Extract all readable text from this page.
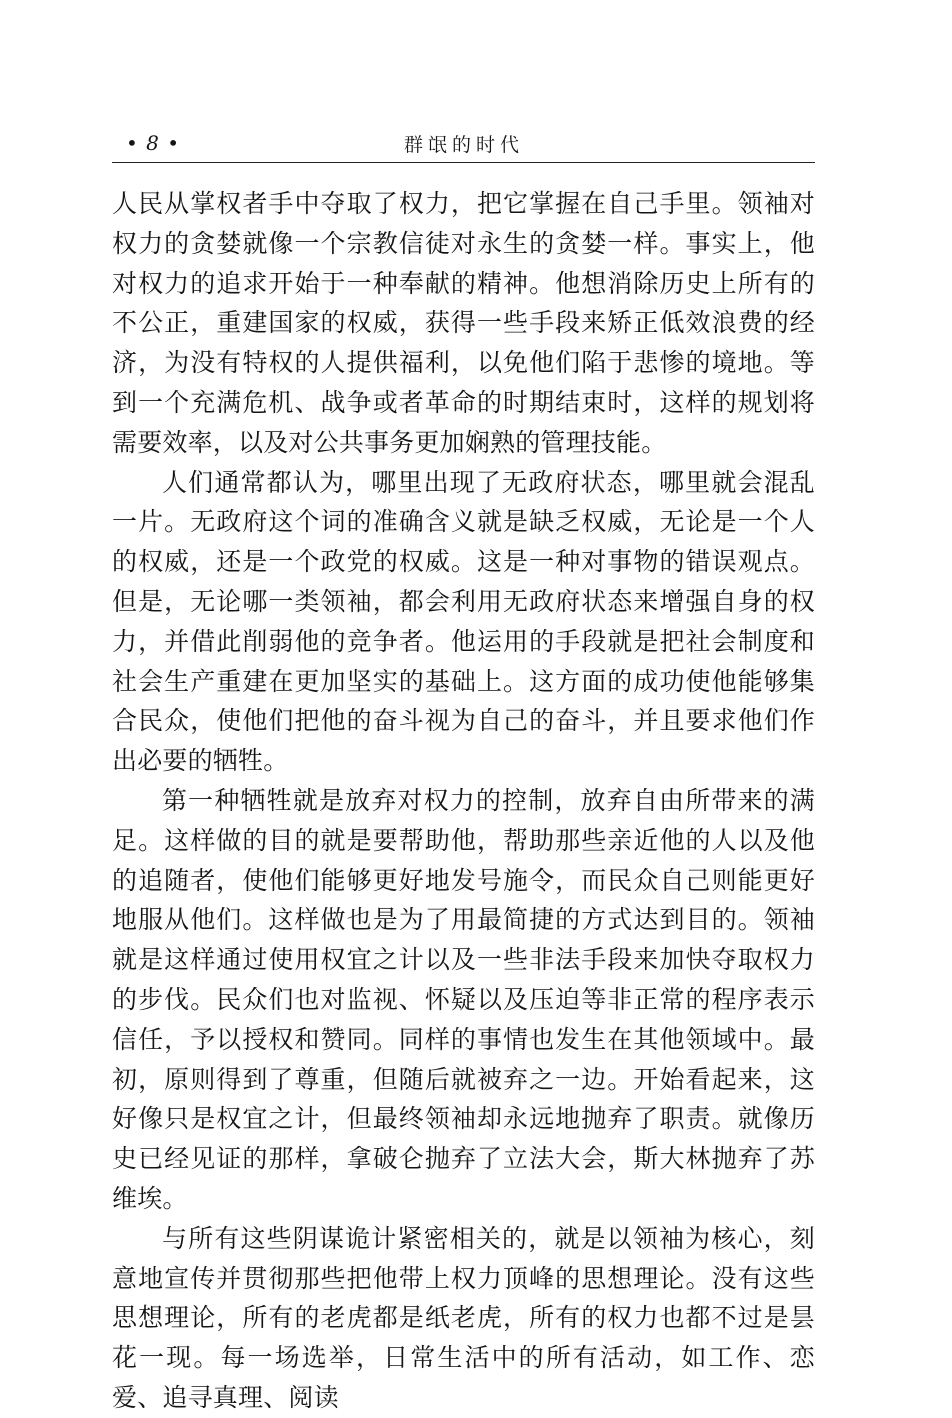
• 8 •	群氓的时代

人民从掌权者手中夺取了权力，把它掌握在自己手里。领袖对权力的贪婪就像一个宗教信徒对永生的贪婪一样。事实上，他对权力的追求开始于一种奉献的精神。他想消除历史上所有的不公正，重建国家的权威，获得一些手段来矫正低效浪费的经济，为没有特权的人提供福利，以免他们陷于悲惨的境地。等到一个充满危机、战争或者革命的时期结束时，这样的规划将需要效率，以及对公共事务更加娴熟的管理技能。

人们通常都认为，哪里出现了无政府状态，哪里就会混乱一片。无政府这个词的准确含义就是缺乏权威，无论是一个人的权威，还是一个政党的权威。这是一种对事物的错误观点。但是，无论哪一类领袖，都会利用无政府状态来增强自身的权力，并借此削弱他的竞争者。他运用的手段就是把社会制度和社会生产重建在更加坚实的基础上。这方面的成功使他能够集合民众，使他们把他的奋斗视为自己的奋斗，并且要求他们作出必要的牺牲。

第一种牺牲就是放弃对权力的控制，放弃自由所带来的满足。这样做的目的就是要帮助他，帮助那些亲近他的人以及他的追随者，使他们能够更好地发号施令，而民众自己则能更好地服从他们。这样做也是为了用最简捷的方式达到目的。领袖就是这样通过使用权宜之计以及一些非法手段来加快夺取权力的步伐。民众们也对监视、怀疑以及压迫等非正常的程序表示信任，予以授权和赞同。同样的事情也发生在其他领域中。最初，原则得到了尊重，但随后就被弃之一边。开始看起来，这好像只是权宜之计，但最终领袖却永远地抛弃了职责。就像历史已经见证的那样，拿破仑抛弃了立法大会，斯大林抛弃了苏维埃。

与所有这些阴谋诡计紧密相关的，就是以领袖为核心，刻意地宣传并贯彻那些把他带上权力顶峰的思想理论。没有这些思想理论，所有的老虎都是纸老虎，所有的权力也都不过是昙花一现。每一场选举，日常生活中的所有活动，如工作、恋爱、追寻真理、阅读
